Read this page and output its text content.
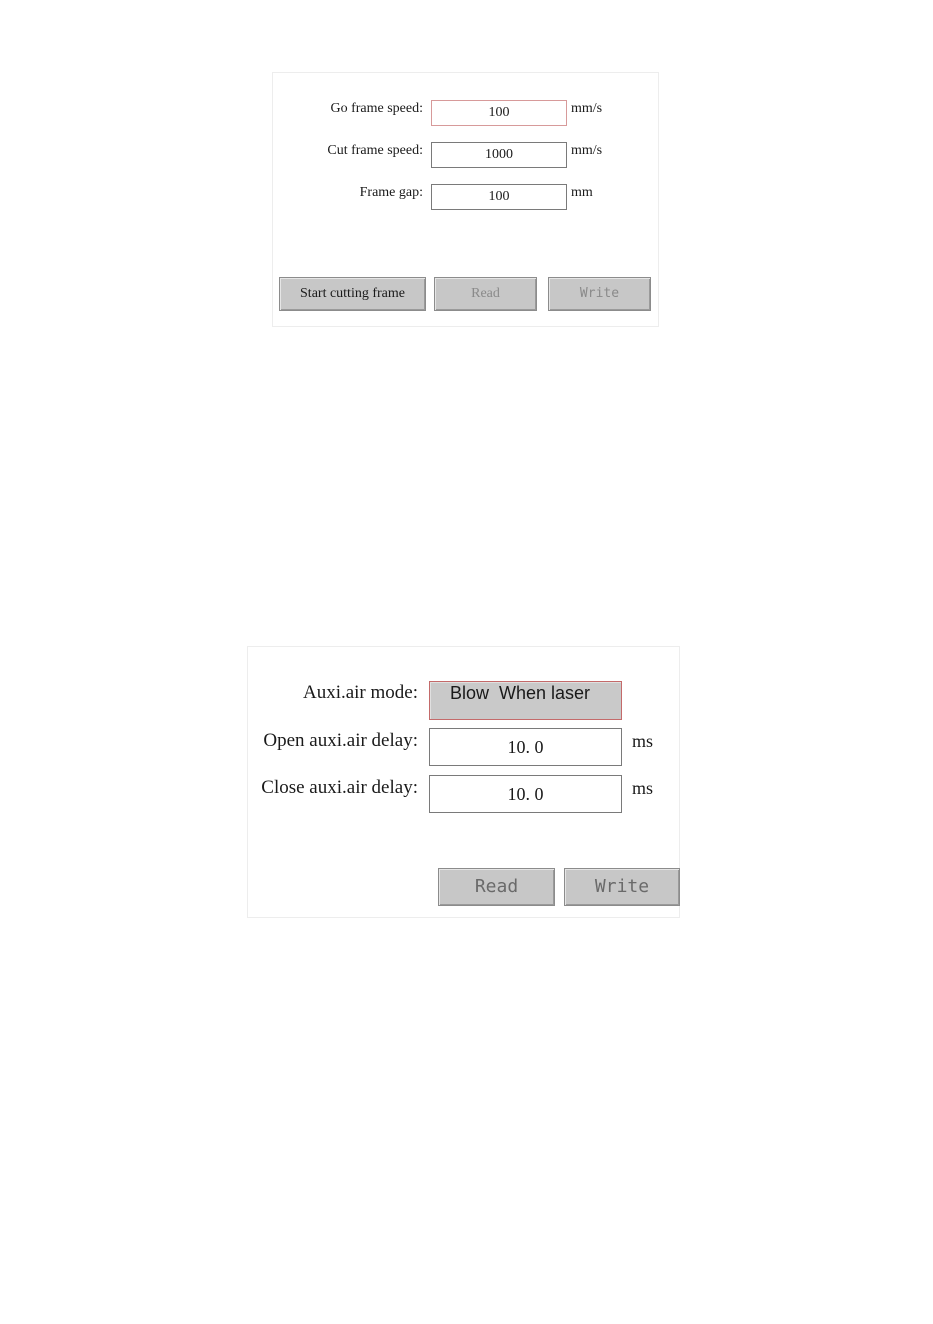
Go frame speed:	100	mm/s
Cut frame speed:	1000	mm/s
Frame gap:	100	mm
Start cutting frame	Read	Write
Auxi.air mode:	Blow  When laser
Open auxi.air delay:	10. 0	ms
Close auxi.air delay:	10. 0	ms
Read	Write
